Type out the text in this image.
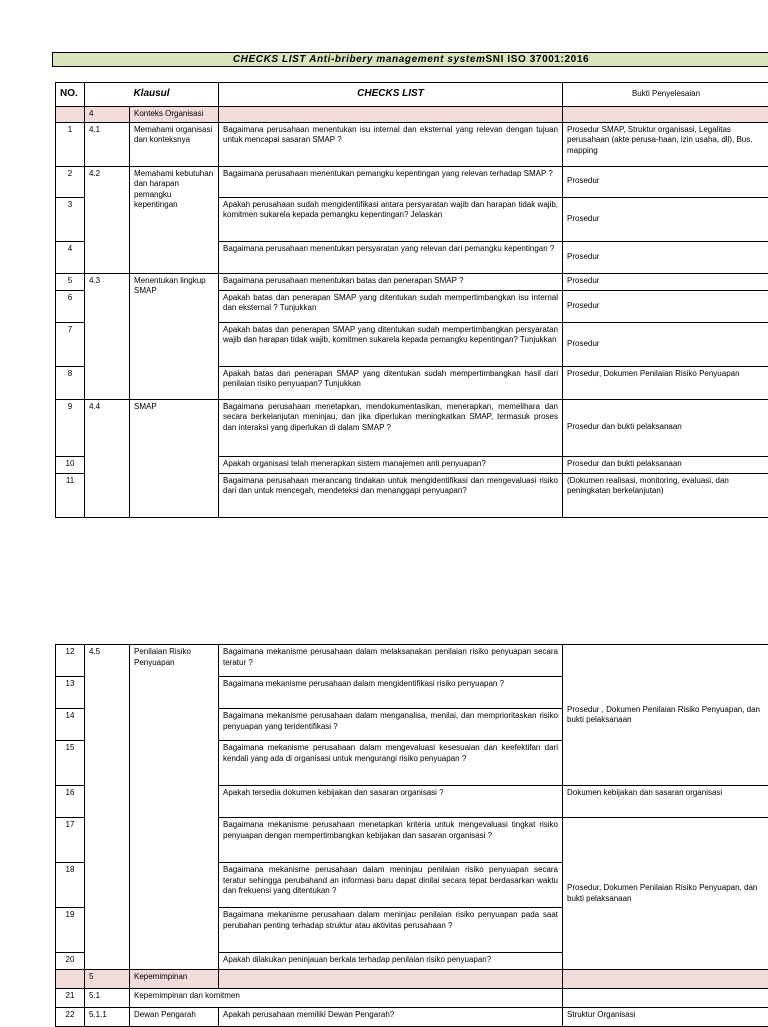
CHECKS LIST Anti-bribery management systemSNI ISO 37001:2016
NO.	Klausul		CHECKS LIST	Bukti Penyelesaian
	4	Konteks Organisasi		
1	4.1	Memahami organisasi dan konteksnya	Bagaimana perusahaan menentukan isu internal dan eksternal yang relevan dengan tujuan untuk mencapai sasaran SMAP ?	Prosedur SMAP, Struktur organisasi, Legalitas perusahaan (akte perusa-haan, izin usaha, dll), Bus. mapping
2	4.2	Memahami kebutuhan dan harapan pemangku kepentingan	Bagaimana perusahaan menentukan pemangku kepentingan yang relevan terhadap SMAP ?	Prosedur
3			Apakah perusahaan sudah mengidentifikasi antara persyaratan wajib dan harapan tidak wajib, komitmen sukarela kepada pemangku kepentingan? Jelaskan	Prosedur
4			Bagaimana perusahaan menentukan persyaratan yang relevan dari pemangku kepentingan ?	Prosedur
5	4.3	Menentukan lingkup SMAP	Bagaimana perusahaan menentukan batas dan penerapan SMAP ?	Prosedur
6			Apakah batas dan penerapan SMAP yang ditentukan sudah mempertimbangkan isu internal dan eksternal ? Tunjukkan	Prosedur
7			Apakah batas dan penerapan SMAP yang ditentukan sudah mempertimbangkan persyaratan wajib dan harapan tidak wajib, komitmen sukarela kepada pemangku kepentingan? Tunjukkan	Prosedur
8			Apakah batas dan penerapan SMAP yang ditentukan sudah mempertimbangkan hasil dari penilaian risiko penyuapan? Tunjukkan	Prosedur, Dokumen Penilaian Risiko Penyuapan
9	4.4	SMAP	Bagaimana perusahaan menetapkan, mendokumentasikan, menerapkan, memelihara dan secara berkelanjutan meninjau, dan jika diperlukan meningkatkan SMAP, termasuk proses dan interaksi yang diperlukan di dalam SMAP ?	Prosedur dan bukti pelaksanaan
10			Apakah organisasi telah menerapkan sistem manajemen anti penyuapan?	Prosedur dan bukti pelaksanaan
11			Bagaimana perusahaan merancang tindakan untuk mengidentifikasi dan mengevaluasi risiko dari dan untuk mencegah, mendeteksi dan menanggapi penyuapan?	(Dokumen realisasi, monitoring, evaluasi, dan peningkatan berkelanjutan)
12	4.5	Penilaian Risiko Penyuapan	Bagaimana mekanisme perusahaan dalam melaksanakan penilaian risiko penyuapan secara teratur ?	Prosedur , Dokumen Penilaian Risiko Penyuapan, dan bukti pelaksanaan
13			Bagaimana mekanisme perusahaan dalam mengidentifikasi risiko penyuapan ?	
14			Bagaimana mekanisme perusahaan dalam menganalisa, menilai, dan memprioritaskan risiko penyuapan yang teridentifikasi ?	
15			Bagaimana mekanisme perusahaan dalam mengevaluasi kesesuaian dan keefektifan dari kendali yang ada di organisasi untuk mengurangi risiko penyuapan ?	
16			Apakah tersedia dokumen kebijakan dan sasaran organisasi ?	Dokumen kebijakan dan sasaran organisasi
17			Bagaimana mekanisme perusahaan menetapkan kriteria untuk mengevaluasi tingkat risiko penyuapan dengan mempertimbangkan kebijakan dan sasaran organisasi ?	Prosedur, Dokumen Penilaian Risiko Penyuapan, dan bukti pelaksanaan
18			Bagaimana mekanisme perusahaan dalam meninjau penilaian risiko penyuapan secara teratur sehingga perubahand an informasi baru dapat dinilai secara tepat berdasarkan waktu dan frekuensi yang ditentukan ?	
19			Bagaimana mekanisme perusahaan dalam meninjau penilaian risiko penyuapan pada saat perubahan penting terhadap struktur atau aktivitas perusahaan ?	
20			Apakah dilakukan peninjauan berkala terhadap penilaian risiko penyuapan?	
	5	Kepemimpinan		
21	5.1	Kepemimpinan dan komitmen		
22	5.1.1	Dewan Pengarah	Apakah perusahaan memiliki Dewan Pengarah?	Struktur Organisasi
